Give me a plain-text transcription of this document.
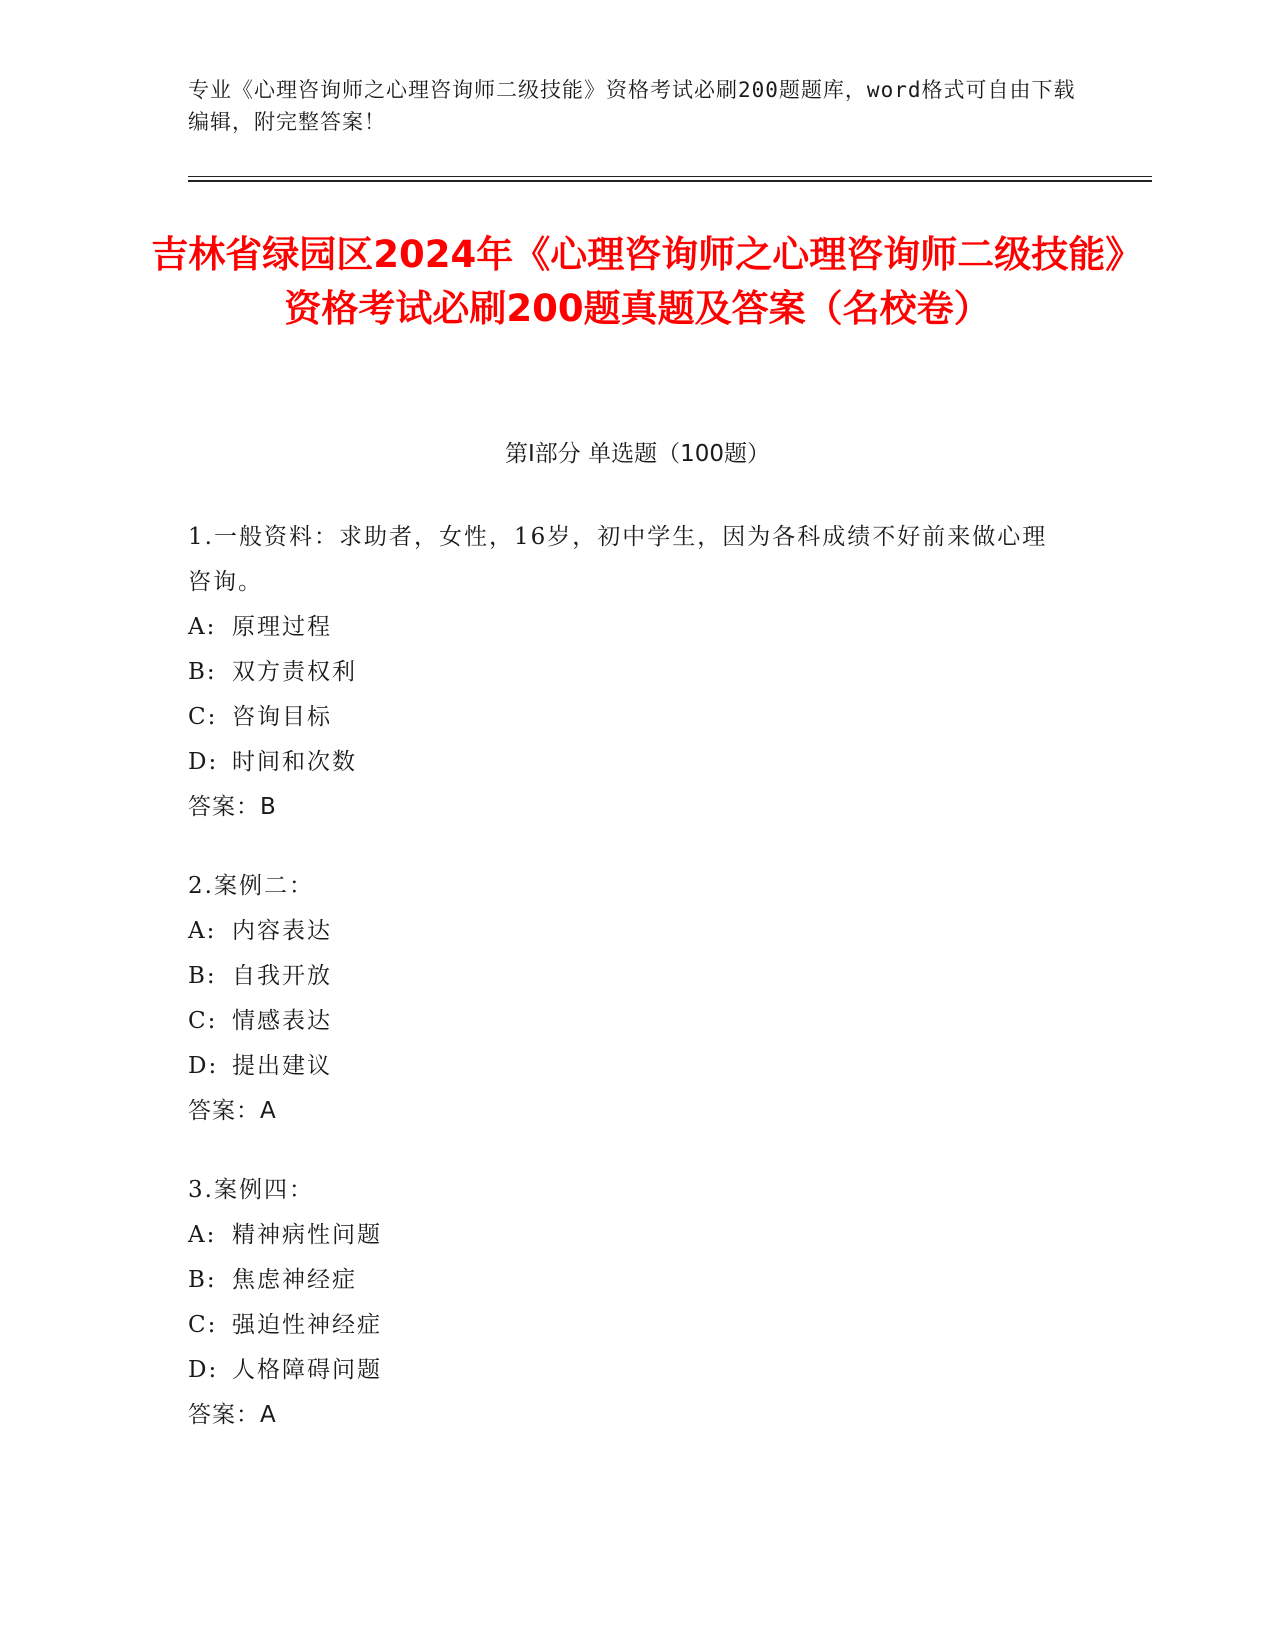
专业《心理咨询师之心理咨询师二级技能》资格考试必刷200题题库，word格式可自由下载编辑，附完整答案！
吉林省绿园区2024年《心理咨询师之心理咨询师二级技能》资格考试必刷200题真题及答案（名校卷）
第Ⅰ部分 单选题（100题）
1.一般资料：求助者，女性，16岁，初中学生，因为各科成绩不好前来做心理咨询。
A: 原理过程
B: 双方责权利
C: 咨询目标
D: 时间和次数
答案：B
2.案例二：
A: 内容表达
B: 自我开放
C: 情感表达
D: 提出建议
答案：A
3.案例四：
A: 精神病性问题
B: 焦虑神经症
C: 强迫性神经症
D: 人格障碍问题
答案：A
